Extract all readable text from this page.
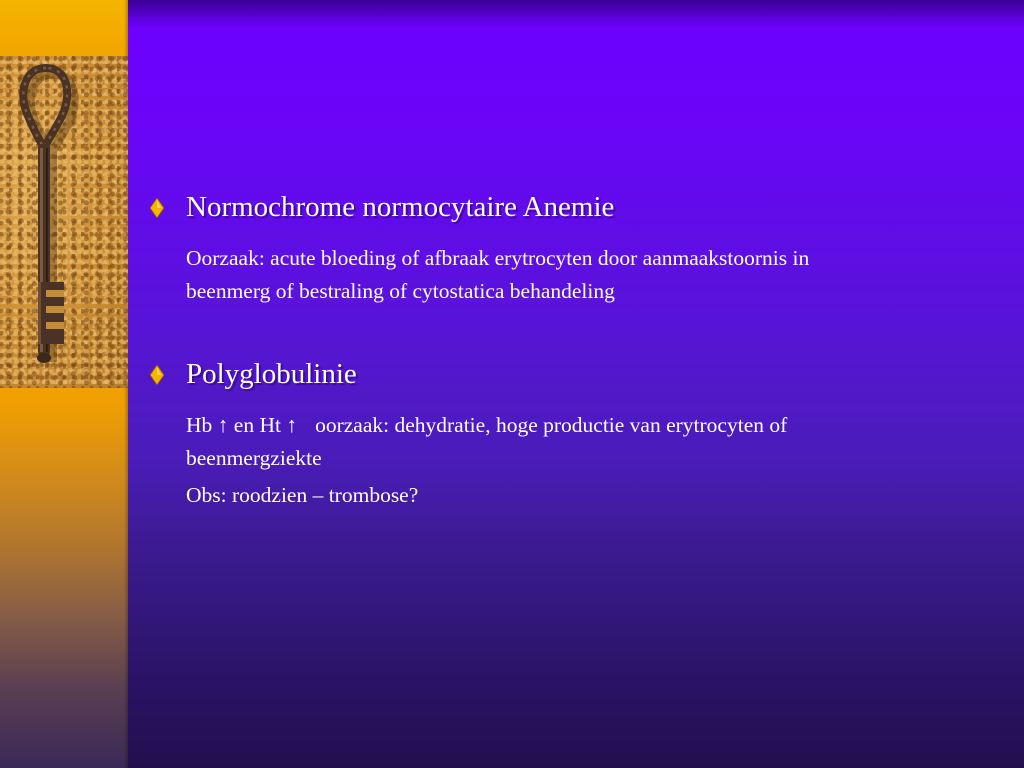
Normochrome normocytaire Anemie
Oorzaak: acute bloeding of afbraak erytrocyten door aanmaakstoornis in
beenmerg of bestraling of cytostatica behandeling
Polyglobulinie
Hb ↑ en Ht ↑ oorzaak: dehydratie, hoge productie van erytrocyten of
beenmergziekte
Obs: roodzien – trombose?
